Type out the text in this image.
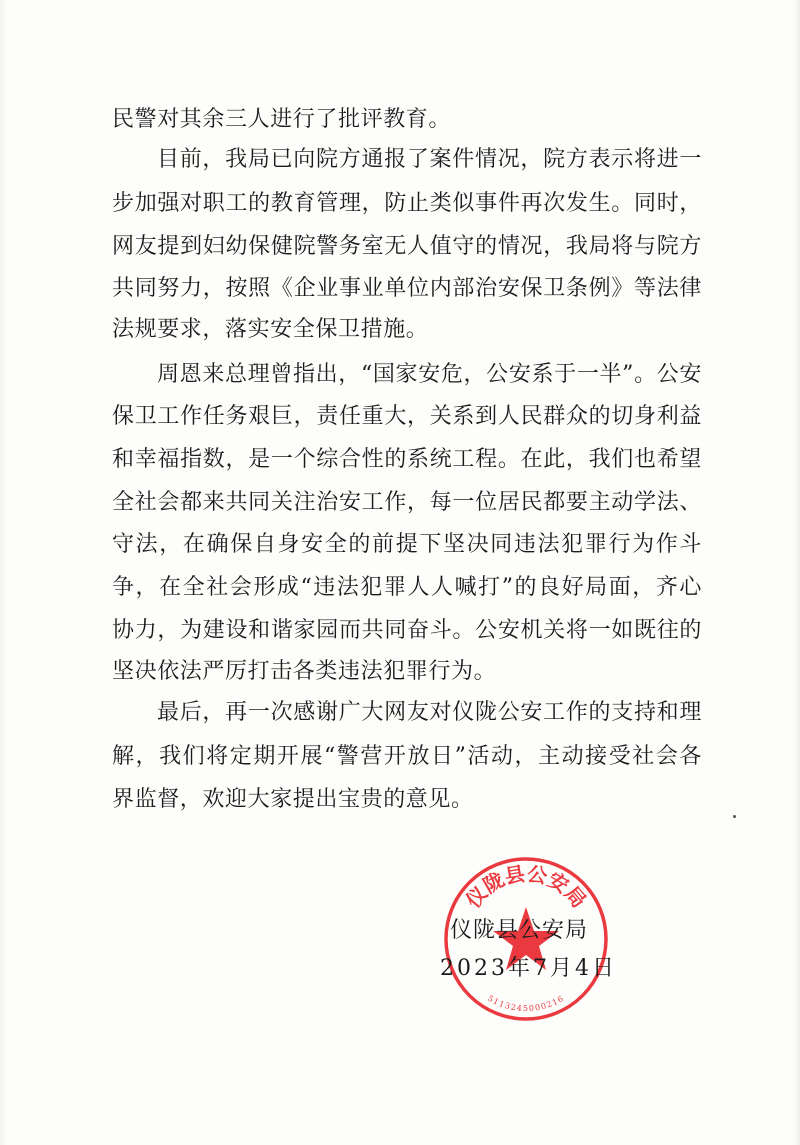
民警对其余三人进行了批评教育。
目前，我局已向院方通报了案件情况，院方表示将进一
步加强对职工的教育管理，防止类似事件再次发生。同时，
网友提到妇幼保健院警务室无人值守的情况，我局将与院方
共同努力，按照《企业事业单位内部治安保卫条例》等法律
法规要求，落实安全保卫措施。
周恩来总理曾指出，“国家安危，公安系于一半”。公安
保卫工作任务艰巨，责任重大，关系到人民群众的切身利益
和幸福指数，是一个综合性的系统工程。在此，我们也希望
全社会都来共同关注治安工作，每一位居民都要主动学法、
守法，在确保自身安全的前提下坚决同违法犯罪行为作斗
争，在全社会形成“违法犯罪人人喊打”的良好局面，齐心
协力，为建设和谐家园而共同奋斗。公安机关将一如既往的
坚决依法严厉打击各类违法犯罪行为。
最后，再一次感谢广大网友对仪陇公安工作的支持和理
解，我们将定期开展“警营开放日”活动，主动接受社会各
界监督，欢迎大家提出宝贵的意见。
仪陇县公安局
5113245000216
仪陇县公安局
2023年7月4日
